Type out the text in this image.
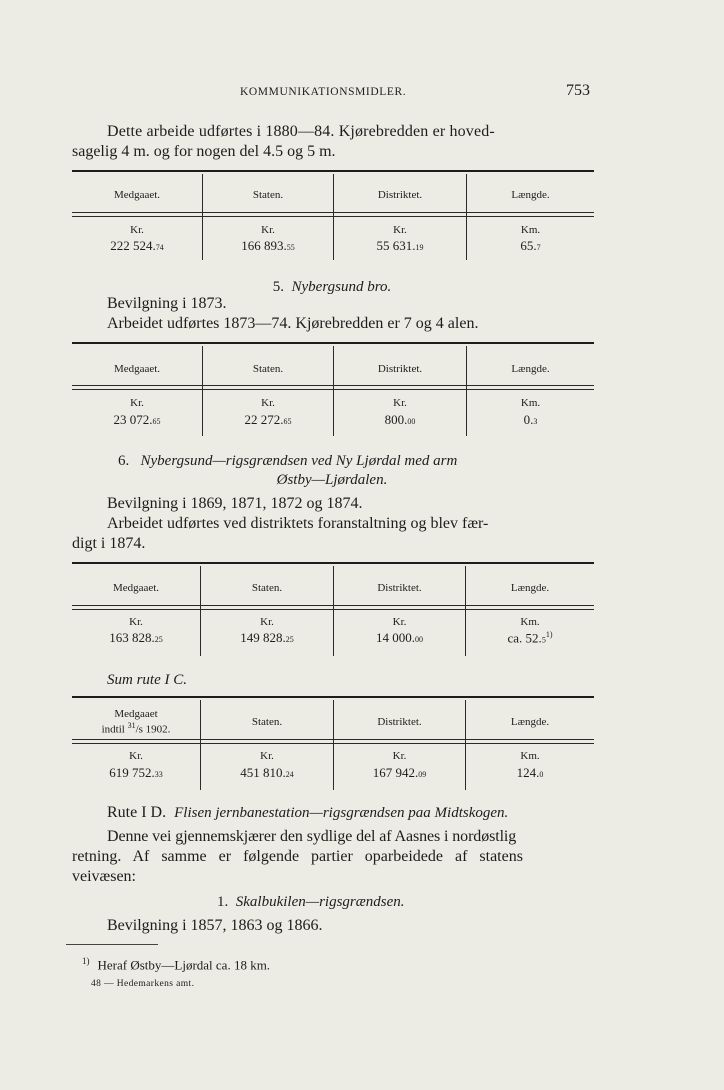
KOMMUNIKATIONSMIDLER.	753
Dette arbeide udførtes i 1880—84. Kjørebredden er hoved-
sagelig 4 m. og for nogen del 4.5 og 5 m.
Medgaaet.	Staten.	Distriktet.	Længde.
Kr.	Kr.	Kr.	Km.
222 524.74	166 893.55	55 631.19	65.7
5. Nybergsund bro.
Bevilgning i 1873.
Arbeidet udførtes 1873—74. Kjørebredden er 7 og 4 alen.
Medgaaet.	Staten.	Distriktet.	Længde.
Kr.	Kr.	Kr.	Km.
23 072.65	22 272.65	800.00	0.3
6. Nybergsund—rigsgrændsen ved Ny Ljørdal med arm
Østby—Ljørdalen.
Bevilgning i 1869, 1871, 1872 og 1874.
Arbeidet udførtes ved distriktets foranstaltning og blev fær-
digt i 1874.
Medgaaet.	Staten.	Distriktet.	Længde.
Kr.	Kr.	Kr.	Km.
163 828.25	149 828.25	14 000.00	ca. 52.5$^{1)}$
Sum rute I C.
Medgaaet
indtil $^{31}$/s 1902.
Staten.	Distriktet.	Længde.
Kr.	Kr.	Kr.	Km.
619 752.33	451 810.24	167 942.09	124.0
Rute I D. Flisen jernbanestation—rigsgrændsen paa Midtskogen.
Denne vei gjennemskjærer den sydlige del af Aasnes i nordøstlig
retning. Af samme er følgende partier oparbeidede af statens
veivæsen:
1. Skalbukilen—rigsgrændsen.
Bevilgning i 1857, 1863 og 1866.
$^{1)}$ Heraf Østby—Ljørdal ca. 18 km.
48 — Hedemarkens amt.
